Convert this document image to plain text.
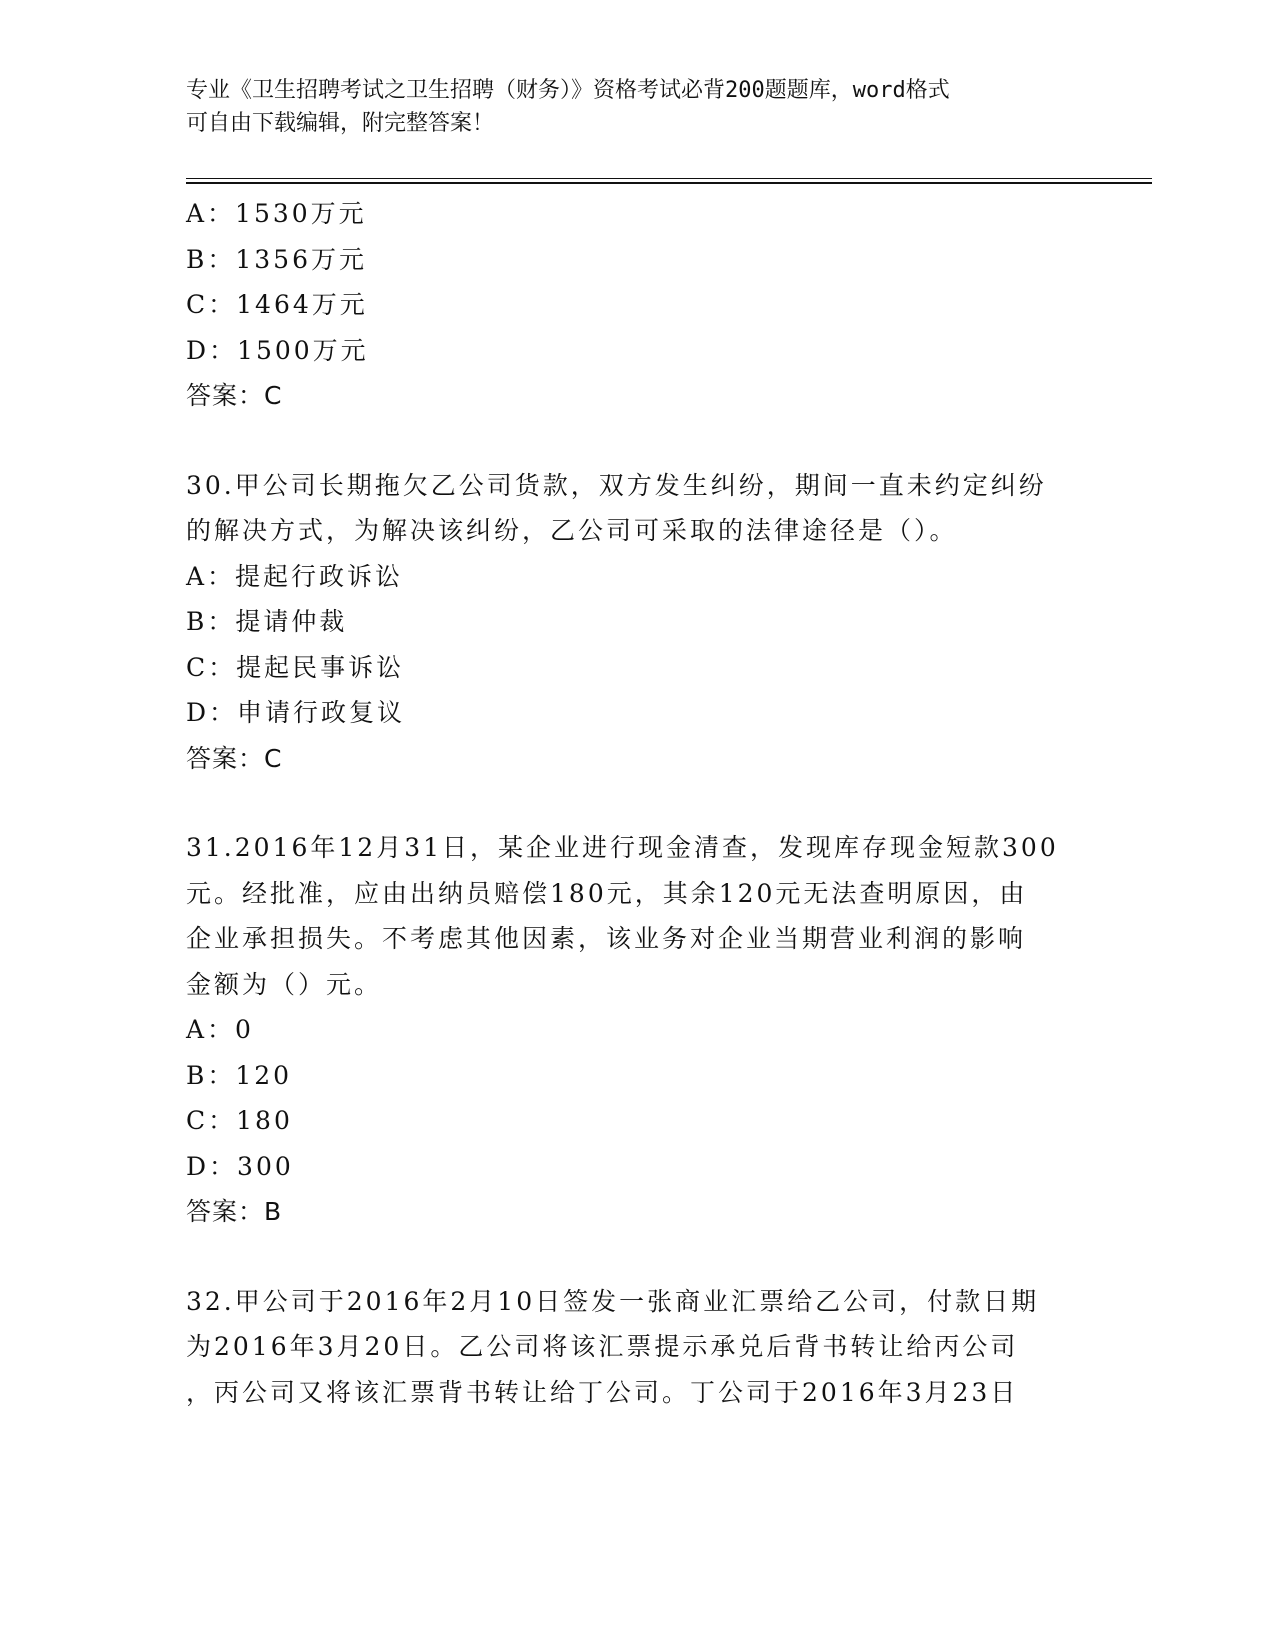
专业《卫生招聘考试之卫生招聘（财务）》资格考试必背200题题库，word格式
可自由下载编辑，附完整答案！
A：1530万元
B：1356万元
C：1464万元
D：1500万元
答案：C
30.甲公司长期拖欠乙公司货款，双方发生纠纷，期间一直未约定纠纷
的解决方式，为解决该纠纷，乙公司可采取的法律途径是（）。
A：提起行政诉讼
B：提请仲裁
C：提起民事诉讼
D：申请行政复议
答案：C
31.2016年12月31日，某企业进行现金清查，发现库存现金短款300
元。经批准，应由出纳员赔偿180元，其余120元无法查明原因，由
企业承担损失。不考虑其他因素，该业务对企业当期营业利润的影响
金额为（）元。
A：0
B：120
C：180
D：300
答案：B
32.甲公司于2016年2月10日签发一张商业汇票给乙公司，付款日期
为2016年3月20日。乙公司将该汇票提示承兑后背书转让给丙公司
，丙公司又将该汇票背书转让给丁公司。丁公司于2016年3月23日
